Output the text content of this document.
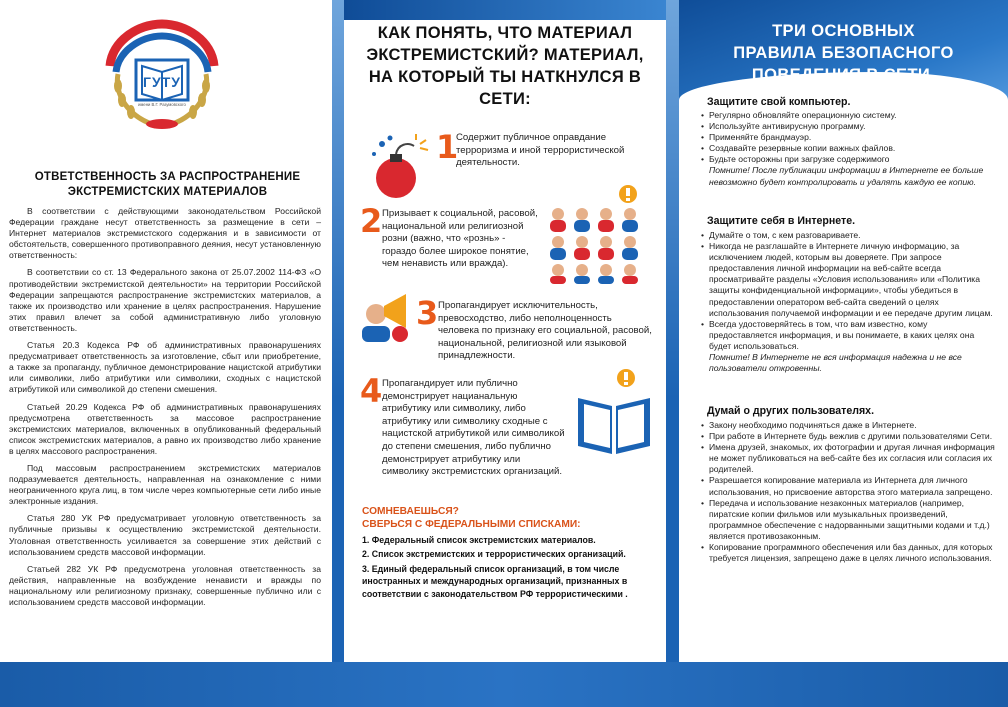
ГУТУ
имени В.Г. Разумовского
ОТВЕТСТВЕННОСТЬ ЗА РАСПРОСТРАНЕНИЕ ЭКСТРЕМИСТСКИХ МАТЕРИАЛОВ

В соответствии с действующими законодательством Российской Федерации граждане несут ответственность за размещение в сети – Интернет материалов экстремистского содержания и в зависимости от обстоятельств, совершенного противоправного деяния, несут установленную ответственность:

В соответствии со ст. 13 Федерального закона от 25.07.2002 114-ФЗ «О противодействии экстремистской деятельности» на территории Российской Федерации запрещаются распространение экстремистских материалов, а также их производство или хранение в целях распространения. Нарушение этих правил влечет за собой административную либо уголовную ответственность.

Статья 20.3 Кодекса РФ об административных правонарушениях предусматривает ответственность за изготовление, сбыт или приобретение, а также за пропаганду, публичное демонстрирование нацистской атрибутики или символики, либо атрибутики или символики, сходных с нацистской атрибутикой или символикой до степени смешения.

Статьей 20.29 Кодекса РФ об административных правонарушениях предусмотрена ответственность за массовое распространение экстремистских материалов, включенных в опубликованный федеральный список экстремистских материалов, а равно их производство либо хранение в целях массового распространения.

Под массовым распространением экстремистских материалов подразумевается деятельность, направленная на ознакомление с ними неограниченного круга лиц, в том числе через компьютерные сети либо иные электронные издания.

Статья 280 УК РФ предусматривает уголовную ответственность за публичные призывы к осуществлению экстремистской деятельности. Уголовная ответственность усиливается за совершение этих действий с использованием средств массовой информации.

Статьей 282 УК РФ предусмотрена уголовная ответственность за действия, направленные на возбуждение ненависти и вражды по национальному или религиозному признаку, совершенные публично или с использованием средств массовой информации.

КАК ПОНЯТЬ, ЧТО МАТЕРИАЛ ЭКСТРЕМИСТСКИЙ? МАТЕРИАЛ, НА КОТОРЫЙ ТЫ НАТКНУЛСЯ В СЕТИ:
1
Содержит публичное оправдание терроризма и иной террористической деятельности.
2 Призывает к социальной, расовой, национальной или религиозной розни (важно, что «рознь» - гораздо более широкое понятие, чем ненависть или вражда).
3 Пропагандирует исключительность, превосходство, либо неполноценность человека по признаку его социальной, расовой, национальной, религиозной или языковой принадлежности.
4 Пропагандирует или публично демонстрирует нацианальную атрибутику или символику, либо атрибутику или символику сходные с нацистской атрибутикой или символикой до степени смешения, либо публично демонстрирует атрибутику или символику экстремистских организаций.
СОМНЕВАЕШЬСЯ?
СВЕРЬСЯ С ФЕДЕРАЛЬНЫМИ СПИСКАМИ:
1. Федеральный список экстремистских материалов.
2. Список экстремистских и террористических организаций.
3. Единый федеральный список организаций, в том числе иностранных и международных организаций, признанных в соответствии с законодательством РФ террористическими .
ТРИ ОСНОВНЫХ
ПРАВИЛА БЕЗОПАСНОГО
ПОВЕДЕНИЯ В СЕТИ.
Защитите свой компьютер.
• Регулярно обновляйте операционную систему.
• Используйте антивирусную программу.
• Применяйте брандмауэр.
• Создавайте резервные копии важных файлов.
• Будьте осторожны при загрузке содержимого
Помните! После публикации информации в Интернете ее больше невозможно будет контролировать и удалять каждую ее копию.
Защитите себя в Интернете.
• Думайте о том, с кем разговариваете.
• Никогда не разглашайте в Интернете личную информацию, за исключением людей, которым вы доверяете. При запросе предоставления личной информации на веб-сайте всегда просматривайте разделы «Условия использования» или «Политика защиты конфиденциальной информации», чтобы убедиться в предоставлении оператором веб-сайта сведений о целях использования получаемой информации и ее передаче другим лицам.
• Всегда удостоверяйтесь в том, что вам известно, кому предоставляется информация, и вы понимаете, в каких целях она будет использоваться.
Помните! В Интернете не вся информация надежна и не все пользователи откровенны.
Думай о других пользователях.
• Закону необходимо подчиняться даже в Интернете.
• При работе в Интернете будь вежлив с другими пользователями Сети.
• Имена друзей, знакомых, их фотографии и другая личная информация не может публиковаться на веб-сайте без их согласия или согласия их родителей.
• Разрешается копирование материала из Интернета для личного использования, но присвоение авторства этого материала запрещено.
• Передача и использование незаконных материалов (например, пиратские копии фильмов или музыкальных произведений, программное обеспечение с надорванными защитными кодами и т.д.) является противозаконным.
• Копирование программного обеспечения или баз данных, для которых требуется лицензия, запрещено даже в целях личного использования.
